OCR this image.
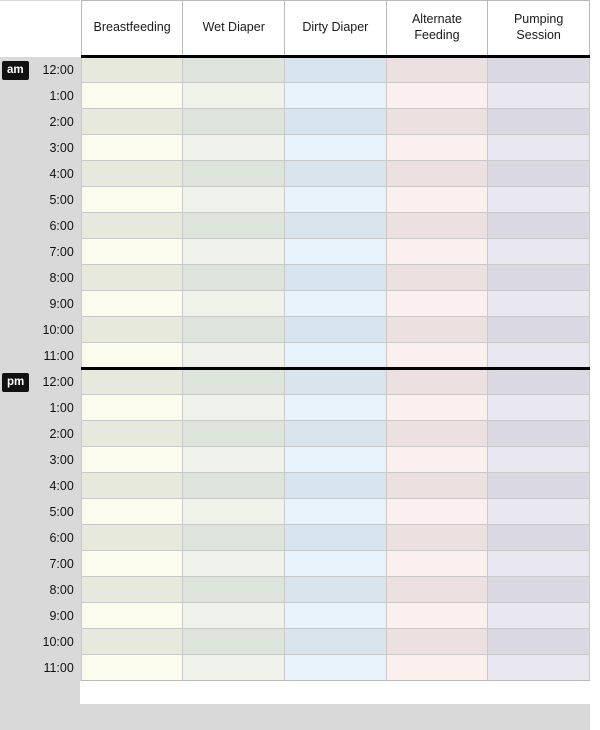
		Breastfeeding	Wet Diaper	Dirty Diaper	Alternate Feeding	Pumping Session
am	12:00					
	1:00					
	2:00					
	3:00					
	4:00					
	5:00					
	6:00					
	7:00					
	8:00					
	9:00					
	10:00					
	11:00					
pm	12:00					
	1:00					
	2:00					
	3:00					
	4:00					
	5:00					
	6:00					
	7:00					
	8:00					
	9:00					
	10:00					
	11:00					
